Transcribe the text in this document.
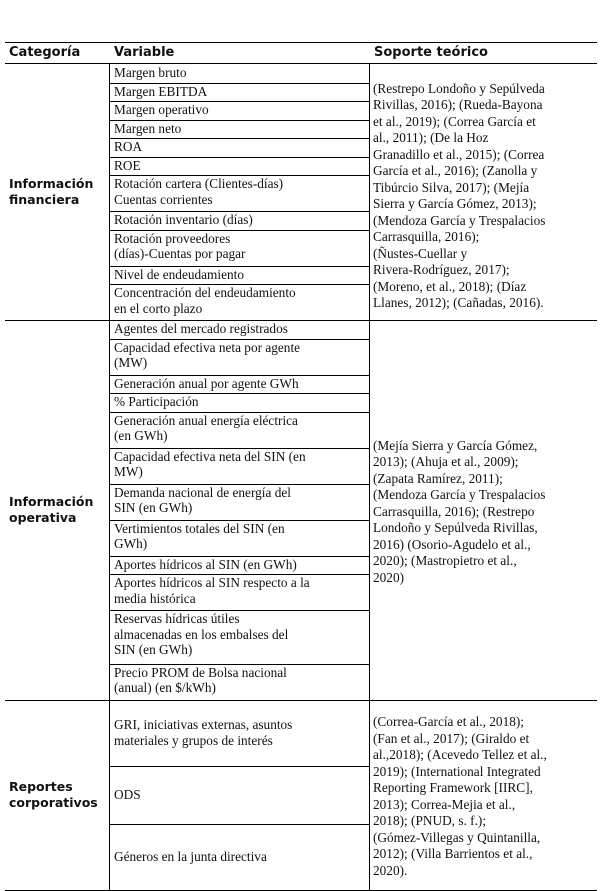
Categoría	Variable	Soporte teórico
Margen bruto
Margen EBITDA
Margen operativo
Margen neto
ROA
ROE
Rotación cartera (Clientes-días)
Cuentas corrientes
Rotación inventario (días)
Rotación proveedores
(días)-Cuentas por pagar
Nivel de endeudamiento
Concentración del endeudamiento
en el corto plazo
Información
financiera
(Restrepo Londoño y Sepúlveda
Rivillas, 2016); (Rueda-Bayona
et al., 2019); (Correa García et
al., 2011); (De la Hoz
Granadillo et al., 2015); (Correa
García et al., 2016); (Zanolla y
Tibúrcio Silva, 2017); (Mejía
Sierra y García Gómez, 2013);
(Mendoza García y Trespalacios
Carrasquilla, 2016);
(Ñustes-Cuellar y
Rivera-Rodríguez, 2017);
(Moreno, et al., 2018); (Díaz
Llanes, 2012); (Cañadas, 2016).
Agentes del mercado registrados
Capacidad efectiva neta por agente
(MW)
Generación anual por agente GWh
% Participación
Generación anual energía eléctrica
(en GWh)
Capacidad efectiva neta del SIN (en
MW)
Demanda nacional de energía del
SIN (en GWh)
Vertimientos totales del SIN (en
GWh)
Aportes hídricos al SIN (en GWh)
Aportes hídricos al SIN respecto a la
media histórica
Reservas hídricas útiles
almacenadas en los embalses del
SIN (en GWh)
Precio PROM de Bolsa nacional
(anual) (en $/kWh)
Información
operativa
(Mejía Sierra y García Gómez,
2013); (Ahuja et al., 2009);
(Zapata Ramírez, 2011);
(Mendoza García y Trespalacios
Carrasquilla, 2016); (Restrepo
Londoño y Sepúlveda Rivillas,
2016) (Osorio-Agudelo et al.,
2020); (Mastropietro et al.,
2020)
GRI, iniciativas externas, asuntos
materiales y grupos de interés
ODS
Géneros en la junta directiva
Reportes
corporativos
(Correa-García et al., 2018);
(Fan et al., 2017); (Giraldo et
al.,2018); (Acevedo Tellez et al.,
2019); (International Integrated
Reporting Framework [IIRC],
2013); Correa-Mejia et al.,
2018); (PNUD, s. f.);
(Gómez-Villegas y Quintanilla,
2012); (Villa Barrientos et al.,
2020).
